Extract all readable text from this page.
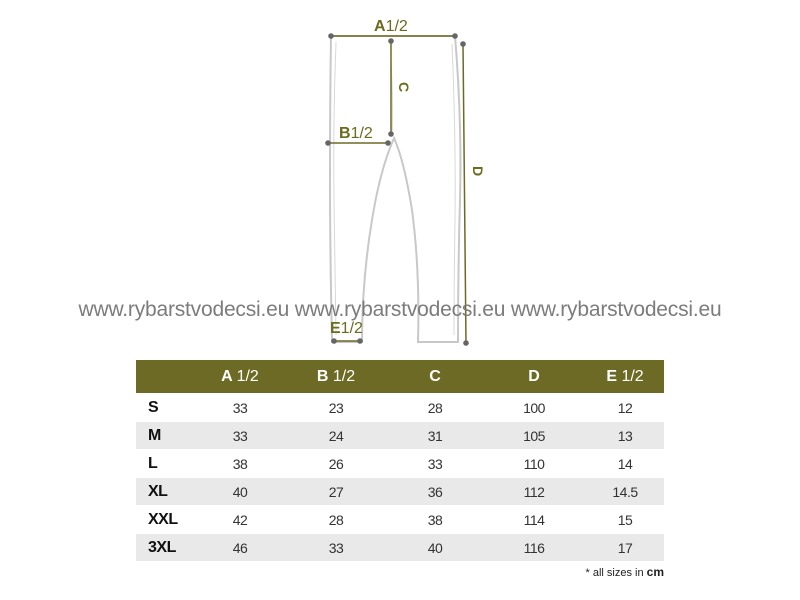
A1/2
C
B1/2
D
E1/2
www.rybarstvodecsi.eu www.rybarstvodecsi.eu www.rybarstvodecsi.eu
	A 1/2	B 1/2	C	D	E 1/2
S	33	23	28	100	12
M	33	24	31	105	13
L	38	26	33	110	14
XL	40	27	36	112	14.5
XXL	42	28	38	114	15
3XL	46	33	40	116	17
* all sizes in cm
